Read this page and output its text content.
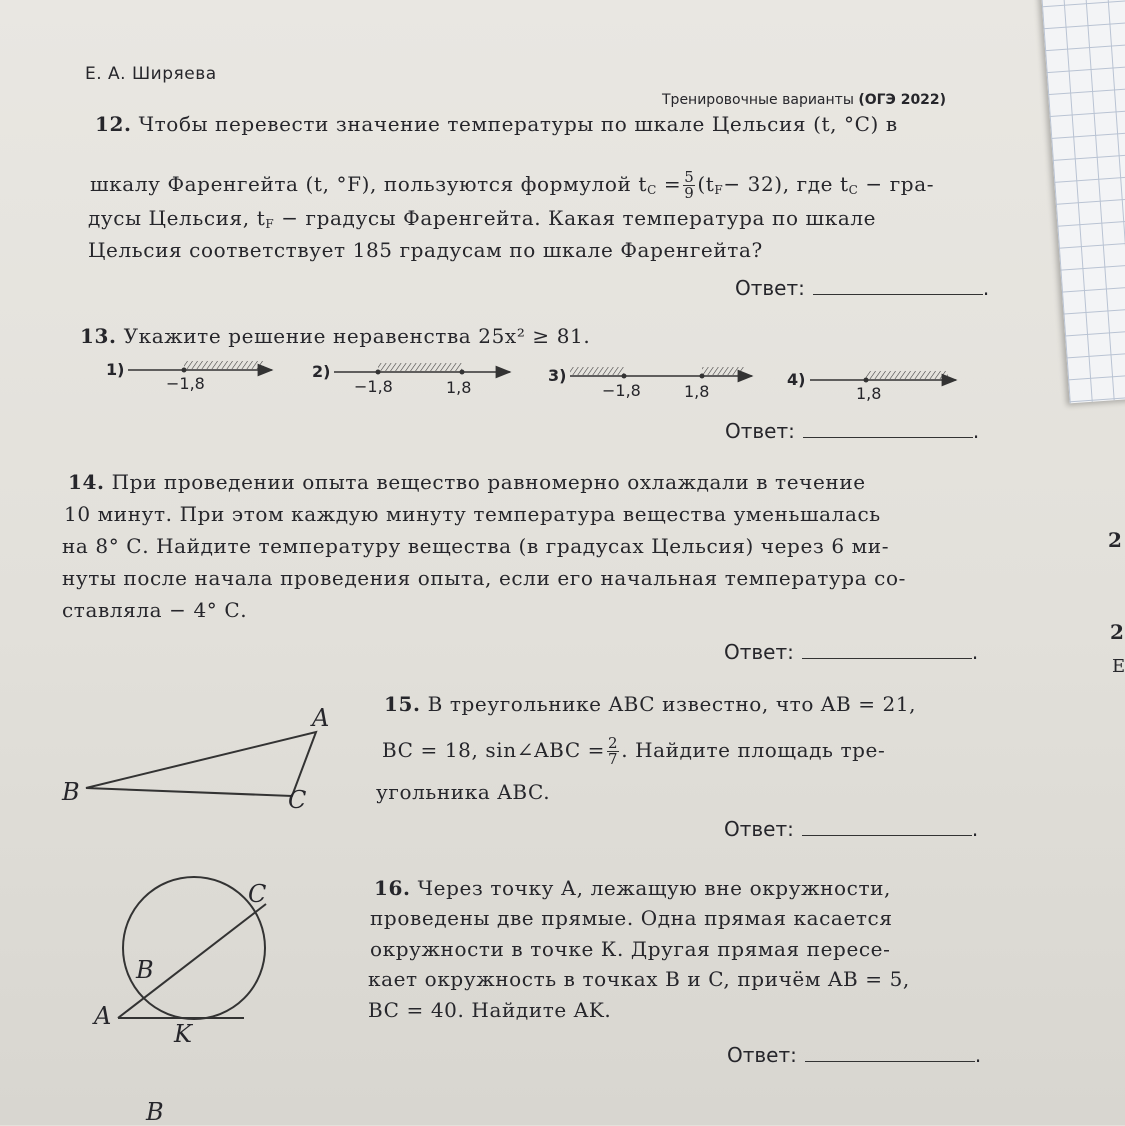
Е. А. Ширяева
Тренировочные варианты (ОГЭ 2022)
12. Чтобы перевести значение температуры по шкале Цельсия (t, °С) в
шкалу Фаренгейта (t, °F), пользуются формулой $t_C = \frac{5}{9} (t_F- 32)$, где $t_C - гра-$
дусы Цельсия, $t_F$ − градусы Фаренгейта. Какая температура по шкале
Цельсия соответствует 185 градусам по шкале Фаренгейта?
Ответ:	.
13. Укажите решение неравенства 25x² ≥ 81.
1)
−1,8
2)
−1,8	1,8
3)
−1,8	1,8
4)
1,8
Ответ:	.
14. При проведении опыта вещество равномерно охлаждали в течение
10 минут. При этом каждую минуту температура вещества уменьшалась
на 8° С. Найдите температуру вещества (в градусах Цельсия) через 6 ми-
нуты после начала проведения опыта, если его начальная температура со-
ставляла − 4° С.
Ответ:	.
A
B	C
15. В треугольнике ABC известно, что AB = 21,
BC = 18, sin∠ABC = $\frac{2}{7}$ . Найдите площадь тре-
угольника ABC.
Ответ:	.
C
B
A
K
16. Через точку А, лежащую вне окружности,
проведены две прямые. Одна прямая касается
окружности в точке К. Другая прямая пересе-
кает окружность в точках B и C, причём AB = 5,
BC = 40. Найдите AK.
Ответ:	.
2
2
E
B
